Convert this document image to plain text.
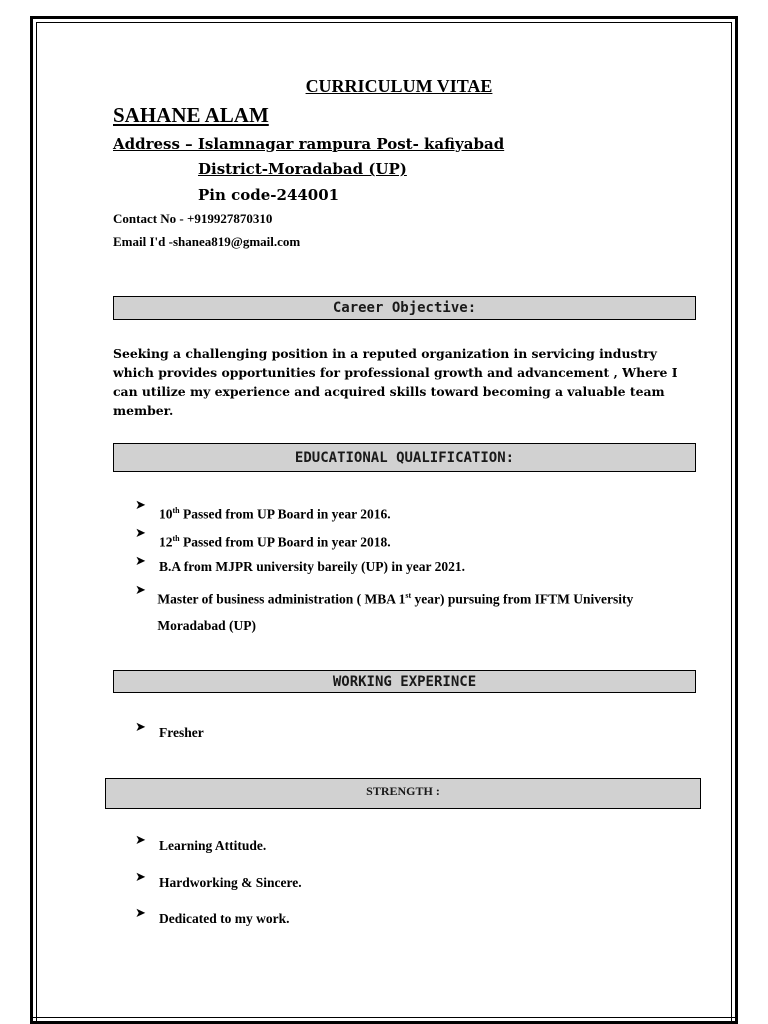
CURRICULUM VITAE
SAHANE ALAM
Address – Islamnagar rampura Post- kafiyabad
District-Moradabad (UP)
Pin code-244001
Contact No - +919927870310
Email I'd -shanea819@gmail.com
Career Objective:
Seeking a challenging position in a reputed organization in servicing industry which provides opportunities for professional growth and advancement , Where I can utilize my experience and acquired skills toward becoming a valuable team member.
EDUCATIONAL QUALIFICATION:
➤
10th Passed from UP Board in year 2016.
➤
12th Passed from UP Board in year 2018.
➤ B.A from MJPR university bareily (UP) in year 2021.
➤
Master of business administration ( MBA 1st year) pursuing from IFTM University Moradabad (UP)
WORKING EXPERINCE
➤ Fresher
STRENGTH :
➤ Learning Attitude.
➤ Hardworking & Sincere.
➤ Dedicated to my work.
